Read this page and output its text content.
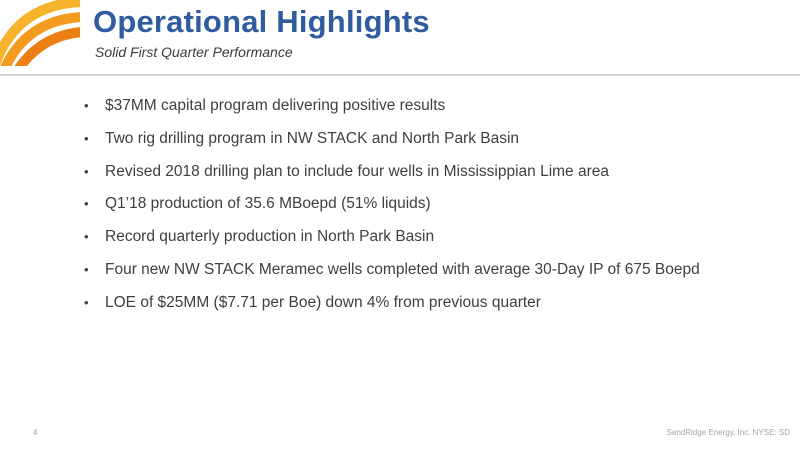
Operational Highlights
Solid First Quarter Performance
• $37MM capital program delivering positive results
• Two rig drilling program in NW STACK and North Park Basin
• Revised 2018 drilling plan to include four wells in Mississippian Lime area
• Q1’18 production of 35.6 MBoepd (51% liquids)
• Record quarterly production in North Park Basin
• Four new NW STACK Meramec wells completed with average 30-Day IP of 675 Boepd
• LOE of $25MM ($7.71 per Boe) down 4% from previous quarter
4	SandRidge Energy, Inc. NYSE: SD
